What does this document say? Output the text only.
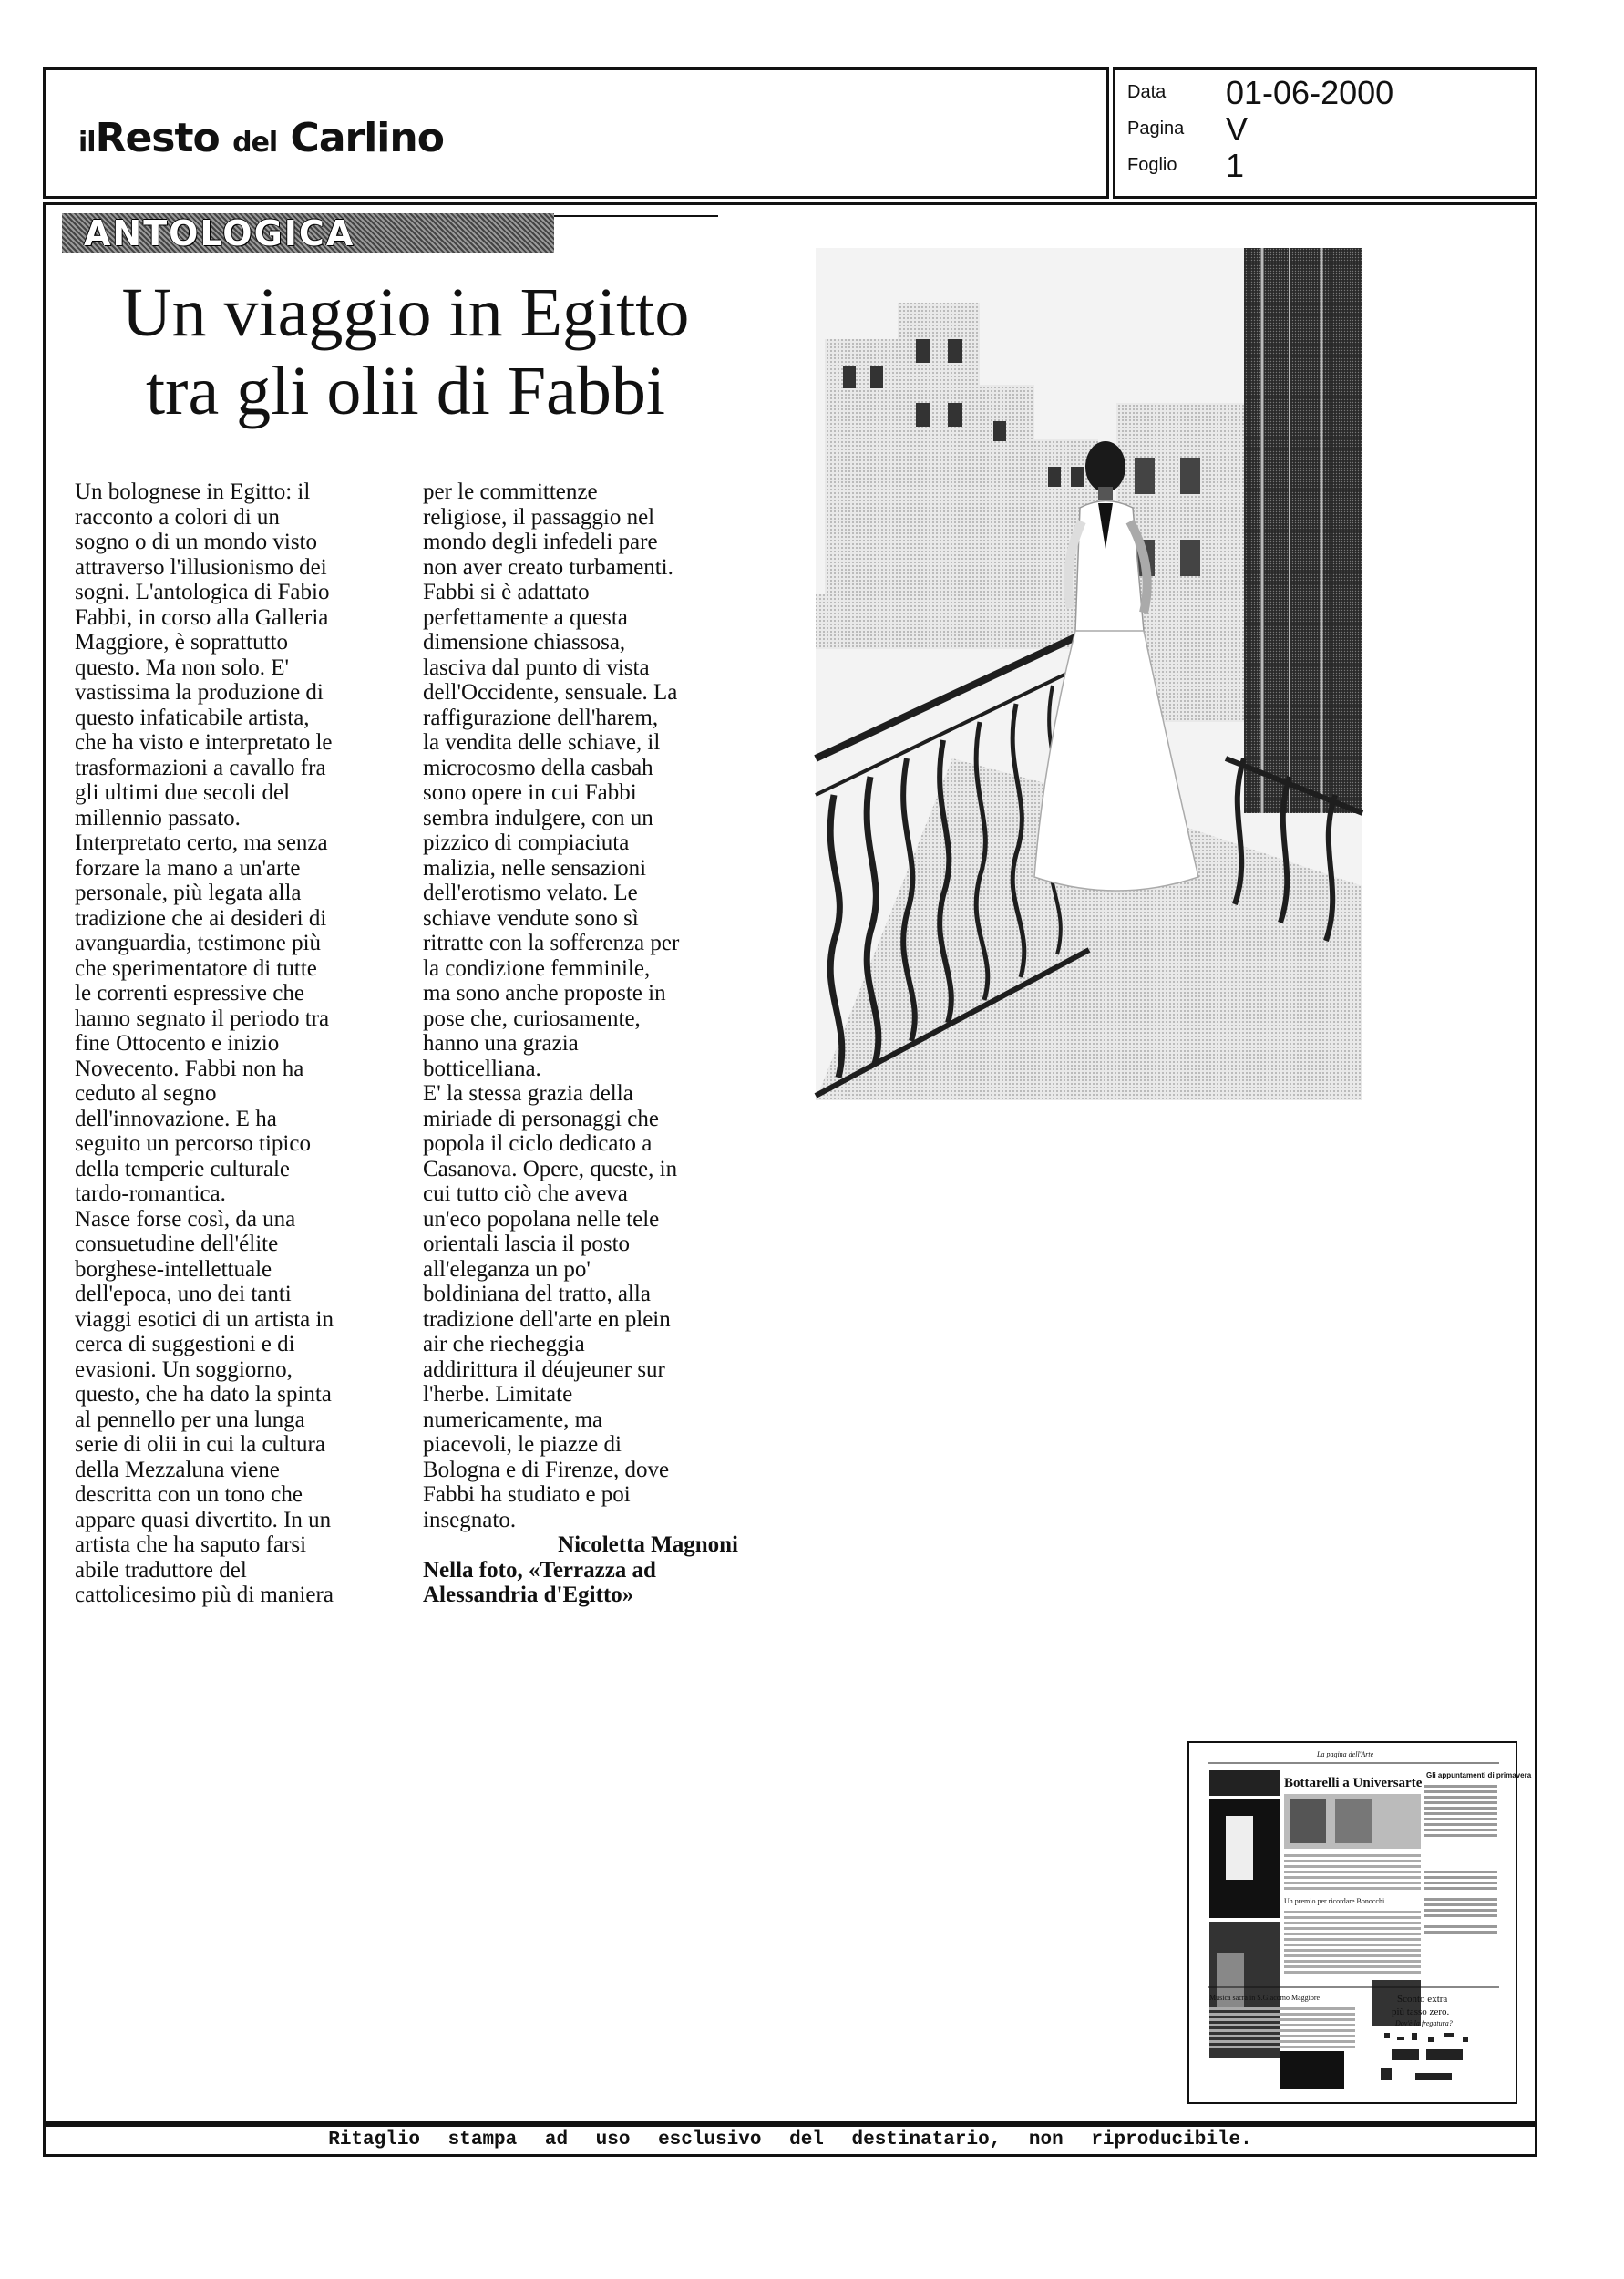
ilResto del Carlino
Data 01-06-2000
Pagina V
Foglio 1
ANTOLOGICA
Un viaggio in Egitto
tra gli olii di Fabbi

Un bolognese in Egitto: il

racconto a colori di un

sogno o di un mondo visto

attraverso l'illusionismo dei

sogni. L'antologica di Fabio

Fabbi, in corso alla Galleria

Maggiore, è soprattutto

questo. Ma non solo. E'

vastissima la produzione di

questo infaticabile artista,

che ha visto e interpretato le

trasformazioni a cavallo fra

gli ultimi due secoli del

millennio passato.

Interpretato certo, ma senza

forzare la mano a un'arte

personale, più legata alla

tradizione che ai desideri di

avanguardia, testimone più

che sperimentatore di tutte

le correnti espressive che

hanno segnato il periodo tra

fine Ottocento e inizio

Novecento. Fabbi non ha

ceduto al segno

dell'innovazione. E ha

seguito un percorso tipico

della temperie culturale

tardo-romantica.

Nasce forse così, da una

consuetudine dell'élite

borghese-intellettuale

dell'epoca, uno dei tanti

viaggi esotici di un artista in

cerca di suggestioni e di

evasioni. Un soggiorno,

questo, che ha dato la spinta

al pennello per una lunga

serie di olii in cui la cultura

della Mezzaluna viene

descritta con un tono che

appare quasi divertito. In un

artista che ha saputo farsi

abile traduttore del

cattolicesimo più di maniera

per le committenze

religiose, il passaggio nel

mondo degli infedeli pare

non aver creato turbamenti.

Fabbi si è adattato

perfettamente a questa

dimensione chiassosa,

lasciva dal punto di vista

dell'Occidente, sensuale. La

raffigurazione dell'harem,

la vendita delle schiave, il

microcosmo della casbah

sono opere in cui Fabbi

sembra indulgere, con un

pizzico di compiaciuta

malizia, nelle sensazioni

dell'erotismo velato. Le

schiave vendute sono sì

ritratte con la sofferenza per

la condizione femminile,

ma sono anche proposte in

pose che, curiosamente,

hanno una grazia

botticelliana.

E' la stessa grazia della

miriade di personaggi che

popola il ciclo dedicato a

Casanova. Opere, queste, in

cui tutto ciò che aveva

un'eco popolana nelle tele

orientali lascia il posto

all'eleganza un po'

boldiniana del tratto, alla

tradizione dell'arte en plein

air che riecheggia

addirittura il déujeuner sur

l'herbe. Limitate

numericamente, ma

piacevoli, le piazze di

Bologna e di Firenze, dove

Fabbi ha studiato e poi

insegnato.

Nicoletta Magnoni

Nella foto, «Terrazza ad

Alessandria d'Egitto»

La pagina dell'Arte
Bottarelli a Universarte
Gli appuntamenti di primavera
Un premio per ricordare Bonocchi
Musica sacra in S.Giacomo Maggiore	Sconto extra
più tasso zero.
Dov'è la fregatura?
Ritaglio stampa ad uso esclusivo del destinatario, non riproducibile.
